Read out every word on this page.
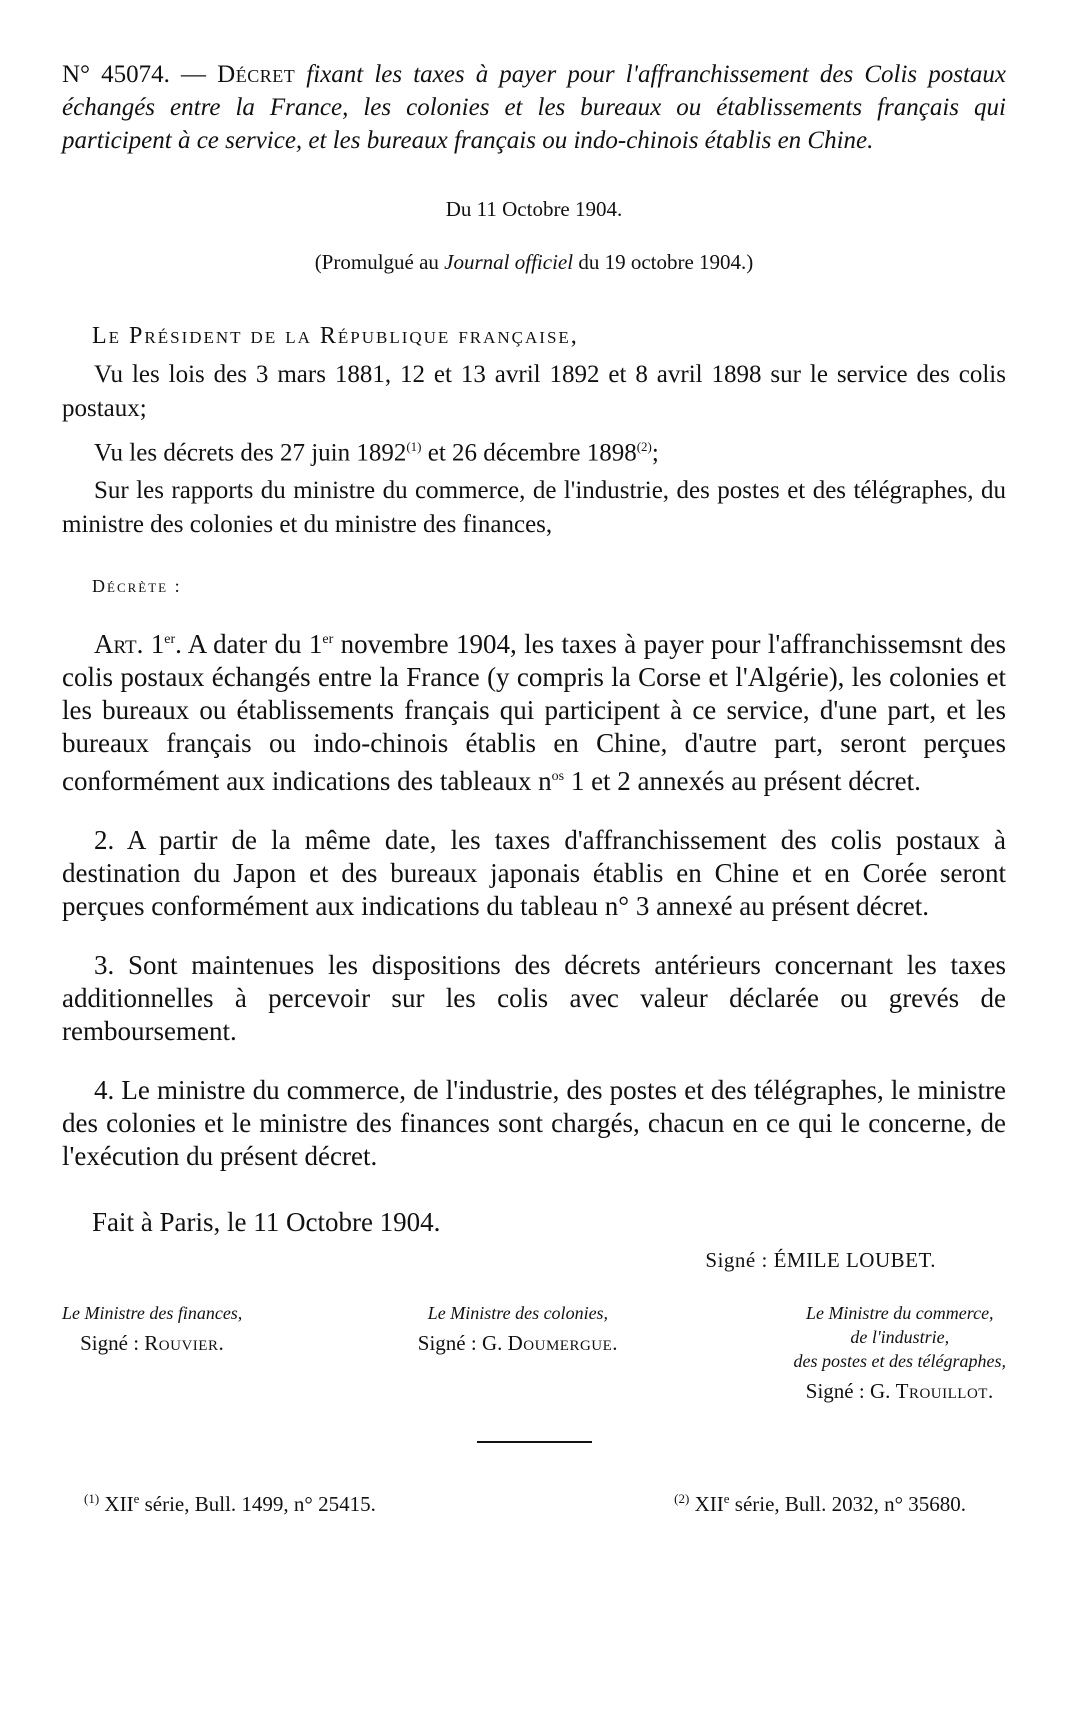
N° 45074. — Décret fixant les taxes à payer pour l'affranchissement des Colis postaux échangés entre la France, les colonies et les bureaux ou établissements français qui participent à ce service, et les bureaux français ou indo-chinois établis en Chine.

Du 11 Octobre 1904.
(Promulgué au Journal officiel du 19 octobre 1904.)
Le Président de la République française,

Vu les lois des 3 mars 1881, 12 et 13 avril 1892 et 8 avril 1898 sur le service des colis postaux;

Vu les décrets des 27 juin 1892$^{(1)}$ et 26 décembre 1898$^{(2)}$;

Sur les rapports du ministre du commerce, de l'industrie, des postes et des télégraphes, du ministre des colonies et du ministre des finances,

Décrète :

Art. 1er. A dater du 1er novembre 1904, les taxes à payer pour l'affranchissemsnt des colis postaux échangés entre la France (y compris la Corse et l'Algérie), les colonies et les bureaux ou établissements français qui participent à ce service, d'une part, et les bureaux français ou indo-chinois établis en Chine, d'autre part, seront perçues conformément aux indications des tableaux $n^{os}$ 1 et 2 annexés au présent décret.

2. A partir de la même date, les taxes d'affranchissement des colis postaux à destination du Japon et des bureaux japonais établis en Chine et en Corée seront perçues conformément aux indications du tableau n° 3 annexé au présent décret.

3. Sont maintenues les dispositions des décrets antérieurs concernant les taxes additionnelles à percevoir sur les colis avec valeur déclarée ou grevés de remboursement.

4. Le ministre du commerce, de l'industrie, des postes et des télégraphes, le ministre des colonies et le ministre des finances sont chargés, chacun en ce qui le concerne, de l'exécution du présent décret.

Fait à Paris, le 11 Octobre 1904.
Signé : ÉMILE LOUBET.
Le Ministre des finances,
Signé : Rouvier.
Le Ministre des colonies,
Signé : G. Doumergue.
Le Ministre du commerce,
de l'industrie,
des postes et des télégraphes,
Signé : G. Trouillot.
$^{(1)}$ XIIe série, Bull. 1499, n° 25415.	$^{(2)}$ XIIe série, Bull. 2032, n° 35680.
